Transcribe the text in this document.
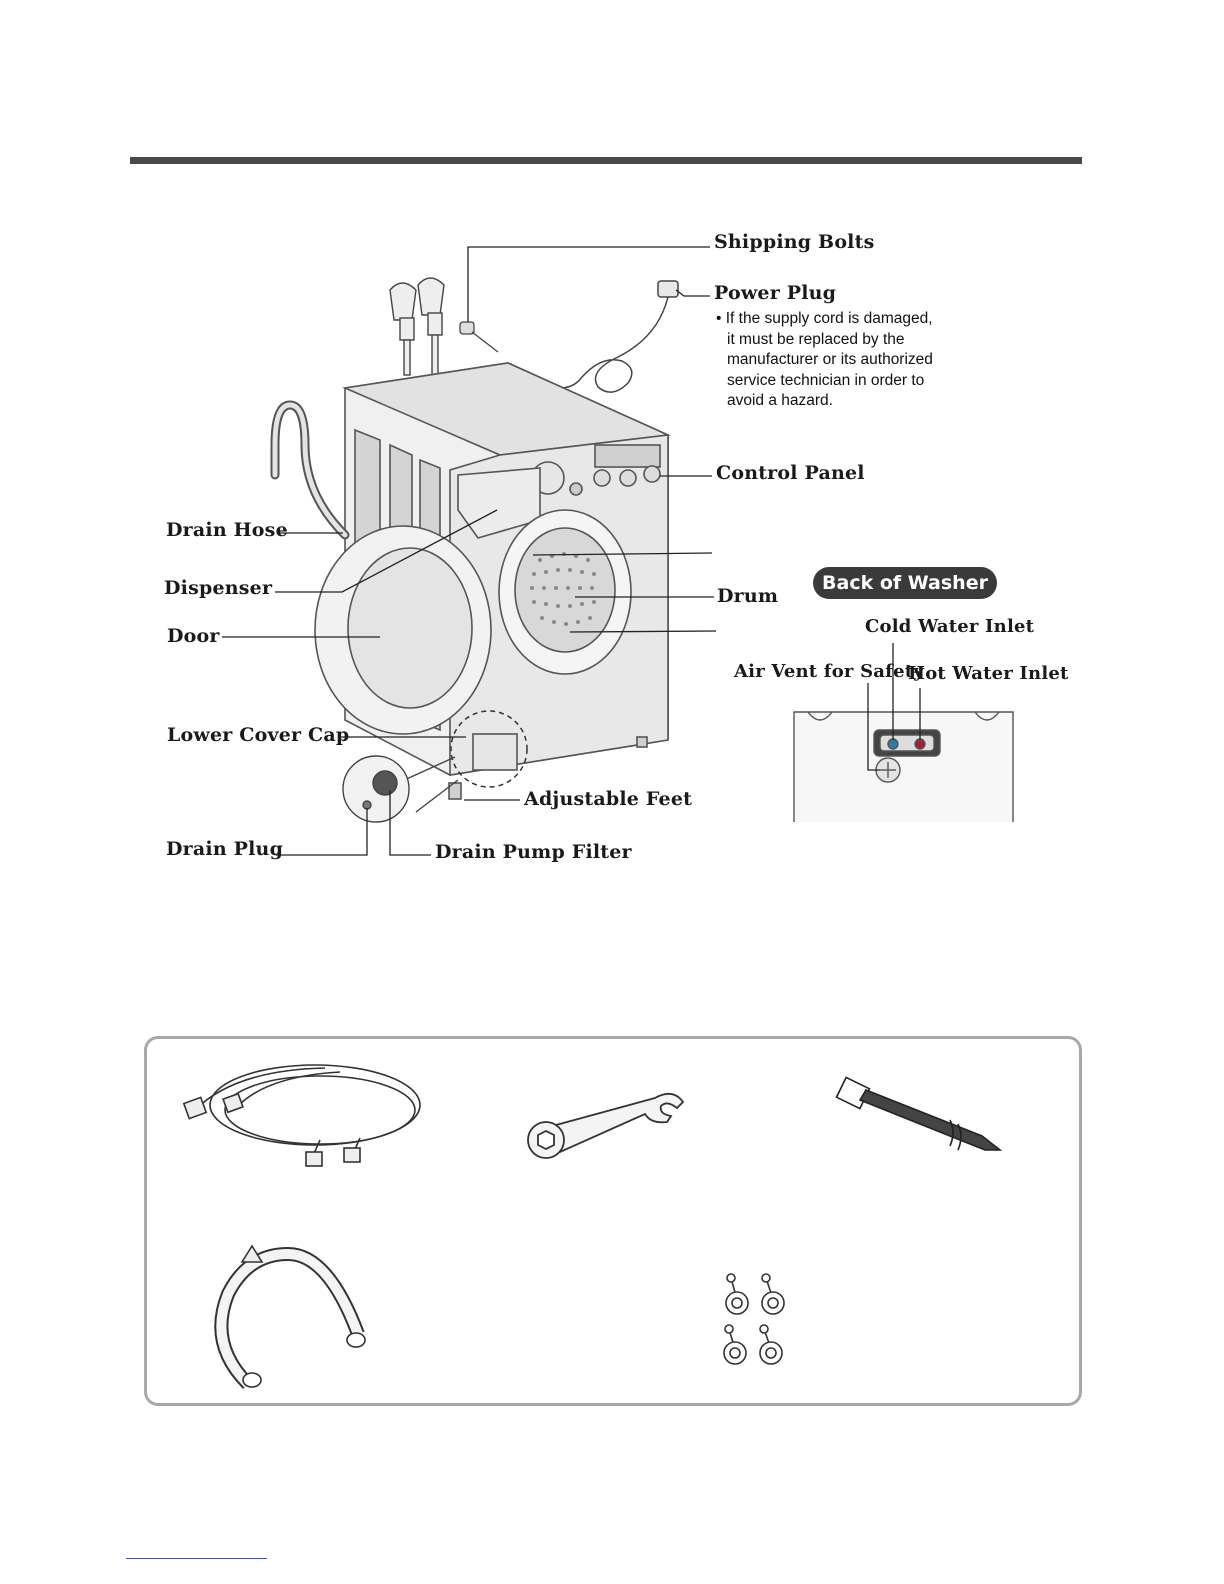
Shipping Bolts
Power Plug
• If the supply cord is damaged,
it must be replaced by the
manufacturer or its authorized
service technician in order to
avoid a hazard.
Control Panel
Drain Hose
Dispenser	Drum
Door
Lower Cover Cap
Adjustable Feet
Drain Plug	Drain Pump Filter
Back of Washer
Cold Water Inlet
Air Vent for Safety
Hot Water Inlet
